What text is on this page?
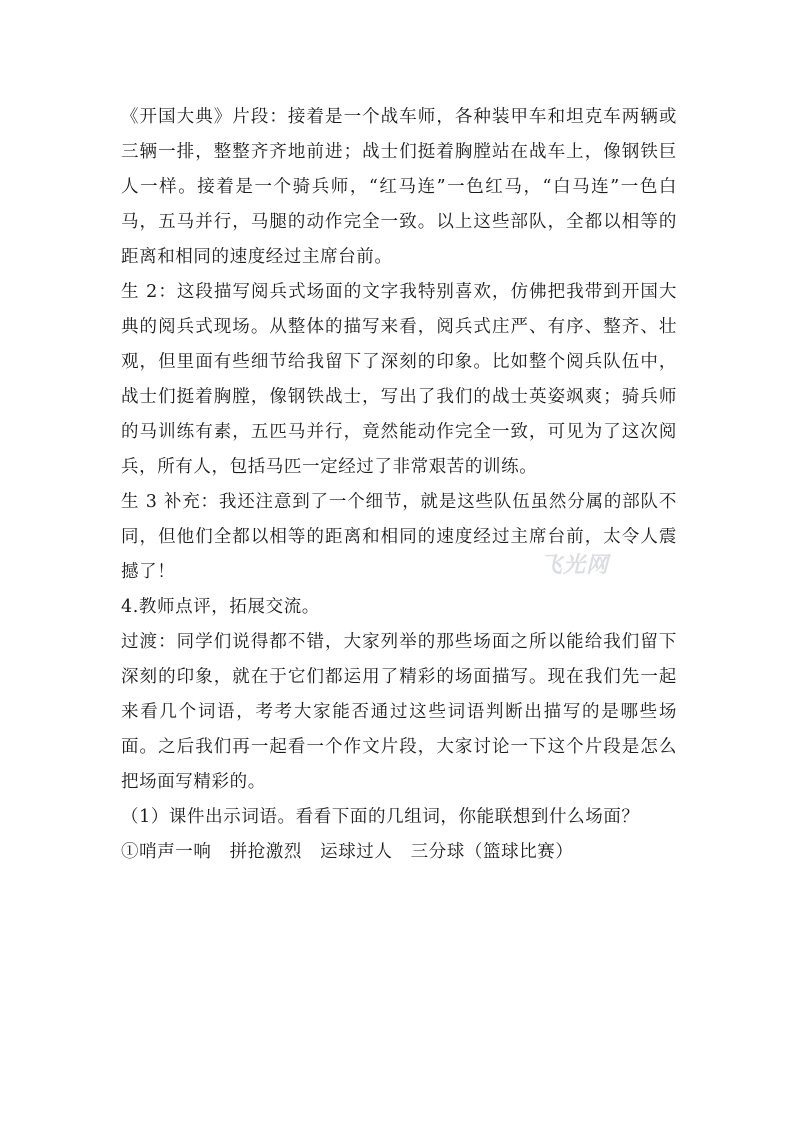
《开国大典》片段：接着是一个战车师，各种装甲车和坦克车两辆或三辆一排，整整齐齐地前进；战士们挺着胸膛站在战车上，像钢铁巨人一样。接着是一个骑兵师，“红马连”一色红马，“白马连”一色白马，五马并行，马腿的动作完全一致。以上这些部队，全都以相等的距离和相同的速度经过主席台前。

生 2：这段描写阅兵式场面的文字我特别喜欢，仿佛把我带到开国大典的阅兵式现场。从整体的描写来看，阅兵式庄严、有序、整齐、壮观，但里面有些细节给我留下了深刻的印象。比如整个阅兵队伍中，战士们挺着胸膛，像钢铁战士，写出了我们的战士英姿飒爽；骑兵师的马训练有素，五匹马并行，竟然能动作完全一致，可见为了这次阅兵，所有人，包括马匹一定经过了非常艰苦的训练。

生 3 补充：我还注意到了一个细节，就是这些队伍虽然分属的部队不同，但他们全都以相等的距离和相同的速度经过主席台前，太令人震撼了！

4.教师点评，拓展交流。

过渡：同学们说得都不错，大家列举的那些场面之所以能给我们留下深刻的印象，就在于它们都运用了精彩的场面描写。现在我们先一起来看几个词语，考考大家能否通过这些词语判断出描写的是哪些场面。之后我们再一起看一个作文片段，大家讨论一下这个片段是怎么把场面写精彩的。

（1）课件出示词语。看看下面的几组词，你能联想到什么场面？

①哨声一响　拼抢激烈　运球过人　三分球（篮球比赛）

飞光网
